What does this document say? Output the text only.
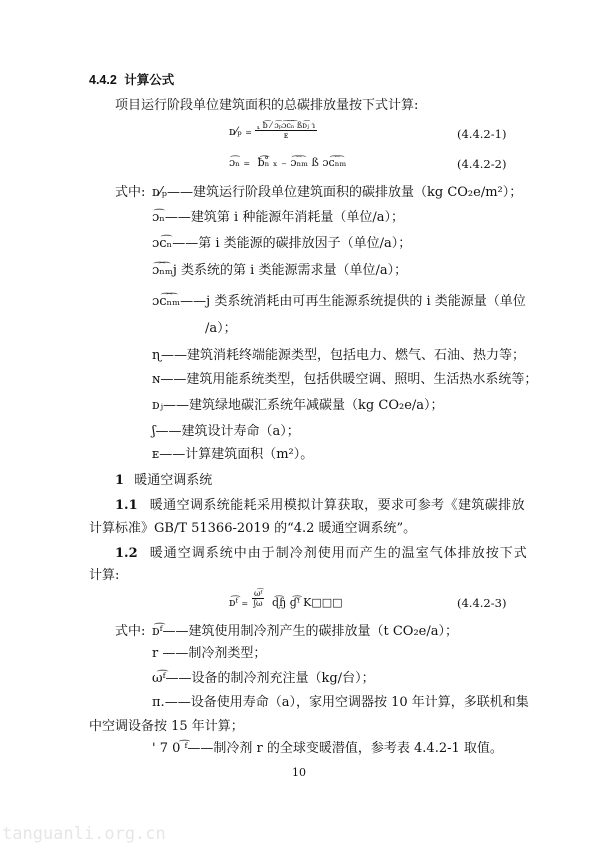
4.4.2 计算公式
项目运行阶段单位建筑面积的总碳排放量按下式计算:
ᴅ⁄ₚ = $\frac{\text{⸤ ƀ͡ ⁄ ɔ͡ₚɔ͡ᴄ͡ₙ͡ ßᴅ͡ⱼ ɿ}}{\text{ᴇ}}$	(4.4.2-1)
ɔ͡ₙ = ƀ͡ₙ̊ ₓ ₋ ɔ͡ₙ͡ₘ ß ɔᴄ͡ₙ͡ₘ	(4.4.2-2)
式中: ᴅ⁄ₚ——建筑运行阶段单位建筑面积的碳排放量（kg CO₂e/m²）；
ɔ͡ₙ——建筑第 i 种能源年消耗量（单位/a）；
ɔᴄ͡ₙ——第 i 类能源的碳排放因子（单位/a）；
ɔ͡ₙ͡ₘj 类系统的第 i 类能源需求量（单位/a）；
ɔᴄ͡ₙ͡ₘ——j 类系统消耗由可再生能源系统提供的 i 类能源量（单位
/a）；
ɳ——建筑消耗终端能源类型，包括电力、燃气、石油、热力等；
ɴ——建筑用能系统类型，包括供暖空调、照明、生活热水系统等；
ᴅⱼ——建筑绿地碳汇系统年减碳量（kg CO₂e/a）；
ʃ——建筑设计寿命（a）；
ᴇ——计算建筑面积（m²）。
1 暖通空调系统
1.1 暖通空调系统能耗采用模拟计算获取，要求可参考《建筑碳排放
计算标准》GB/T 51366-2019 的“4.2 暖通空调系统”。
1.2 暖通空调系统中由于制冷剂使用而产生的温室气体排放按下式
计算:
ᴅ͡ᶠ = $\frac{\text{ω͡ᶠ}}{\text{ʃ͡ω}}$ ɖ͡ɧ ɠ͡ᶠ K□□□	(4.4.2-3)
式中: ᴅ͡ᶠ——建筑使用制冷剂产生的碳排放量（t CO₂e/a）；
r ——制冷剂类型；
ω͡ᶠ——设备的制冷剂充注量（kg/台）；
π.——设备使用寿命（a），家用空调器按 10 年计算，多联机和集
中空调设备按 15 年计算；
' 7 0 ͡ᶠ——制冷剂 r 的全球变暖潜值，参考表 4.4.2-1 取值。
10
tanguanli.org.cn
